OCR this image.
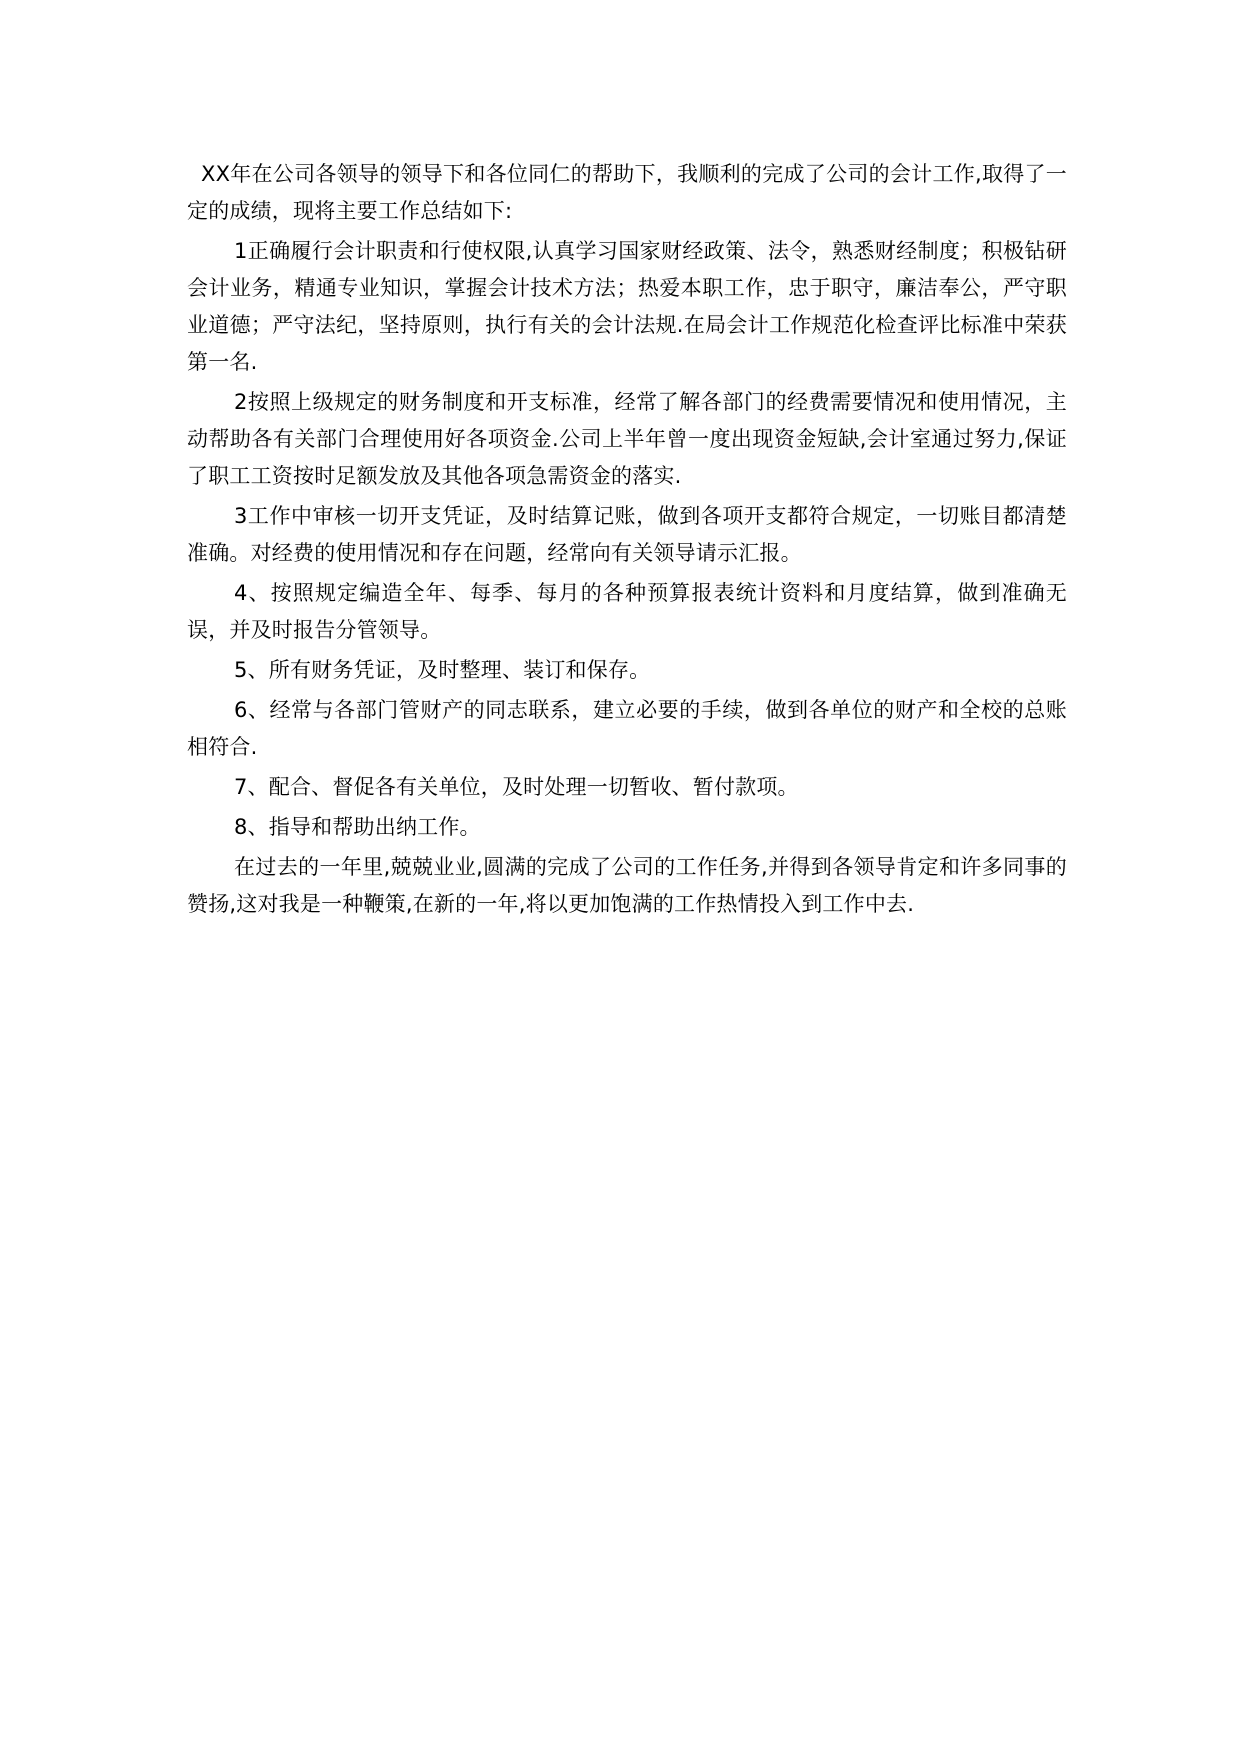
XX年在公司各领导的领导下和各位同仁的帮助下，我顺利的完成了公司的会计工作,取得了一定的成绩，现将主要工作总结如下:

1正确履行会计职责和行使权限,认真学习国家财经政策、法令，熟悉财经制度；积极钻研会计业务，精通专业知识，掌握会计技术方法；热爱本职工作，忠于职守，廉洁奉公，严守职业道德；严守法纪，坚持原则，执行有关的会计法规.在局会计工作规范化检查评比标准中荣获第一名.

2按照上级规定的财务制度和开支标准，经常了解各部门的经费需要情况和使用情况，主动帮助各有关部门合理使用好各项资金.公司上半年曾一度出现资金短缺,会计室通过努力,保证了职工工资按时足额发放及其他各项急需资金的落实.

3工作中审核一切开支凭证，及时结算记账，做到各项开支都符合规定，一切账目都清楚准确。对经费的使用情况和存在问题，经常向有关领导请示汇报。

4、按照规定编造全年、每季、每月的各种预算报表统计资料和月度结算，做到准确无误，并及时报告分管领导。

5、所有财务凭证，及时整理、装订和保存。

6、经常与各部门管财产的同志联系，建立必要的手续，做到各单位的财产和全校的总账相符合.

7、配合、督促各有关单位，及时处理一切暂收、暂付款项。

8、指导和帮助出纳工作。

在过去的一年里,兢兢业业,圆满的完成了公司的工作任务,并得到各领导肯定和许多同事的赞扬,这对我是一种鞭策,在新的一年,将以更加饱满的工作热情投入到工作中去.
